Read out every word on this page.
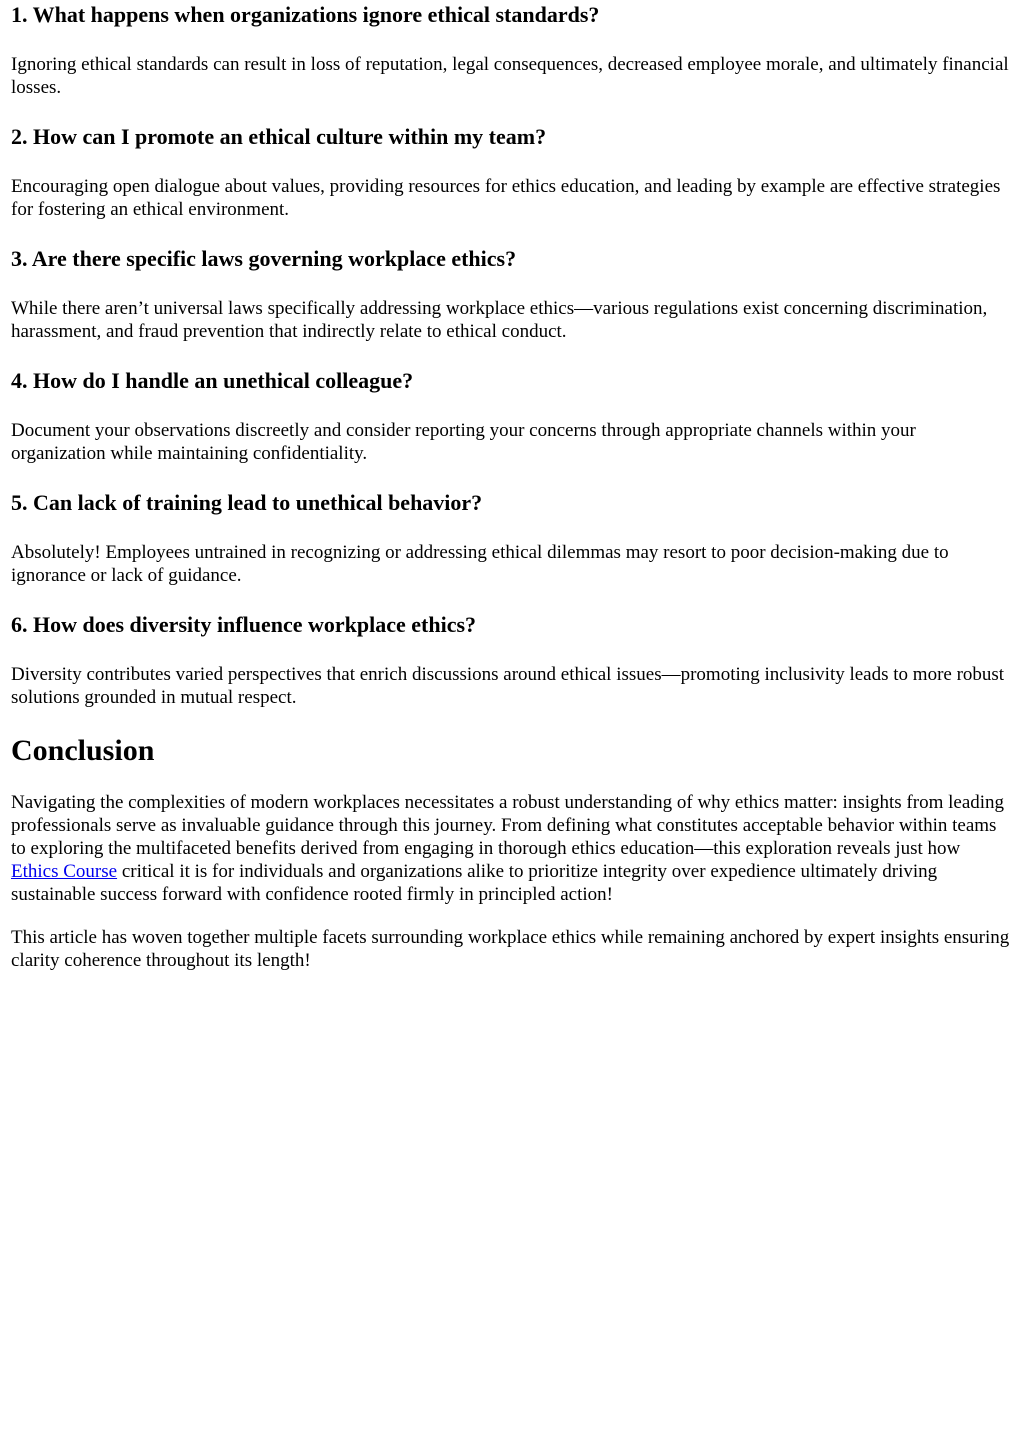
1. What happens when organizations ignore ethical standards?

Ignoring ethical standards can result in loss of reputation, legal consequences, decreased employee morale, and ultimately financial losses.

2. How can I promote an ethical culture within my team?

Encouraging open dialogue about values, providing resources for ethics education, and leading by example are effective strategies for fostering an ethical environment.

3. Are there specific laws governing workplace ethics?

While there aren’t universal laws specifically addressing workplace ethics—various regulations exist concerning discrimination, harassment, and fraud prevention that indirectly relate to ethical conduct.

4. How do I handle an unethical colleague?

Document your observations discreetly and consider reporting your concerns through appropriate channels within your organization while maintaining confidentiality.

5. Can lack of training lead to unethical behavior?

Absolutely! Employees untrained in recognizing or addressing ethical dilemmas may resort to poor decision-making due to ignorance or lack of guidance.

6. How does diversity influence workplace ethics?

Diversity contributes varied perspectives that enrich discussions around ethical issues—promoting inclusivity leads to more robust solutions grounded in mutual respect.

Conclusion

Navigating the complexities of modern workplaces necessitates a robust understanding of why ethics matter: insights from leading professionals serve as invaluable guidance through this journey. From defining what constitutes acceptable behavior within teams to exploring the multifaceted benefits derived from engaging in thorough ethics education—this exploration reveals just how Ethics Course critical it is for individuals and organizations alike to prioritize integrity over expedience ultimately driving sustainable success forward with confidence rooted firmly in principled action!

This article has woven together multiple facets surrounding workplace ethics while remaining anchored by expert insights ensuring clarity coherence throughout its length!
